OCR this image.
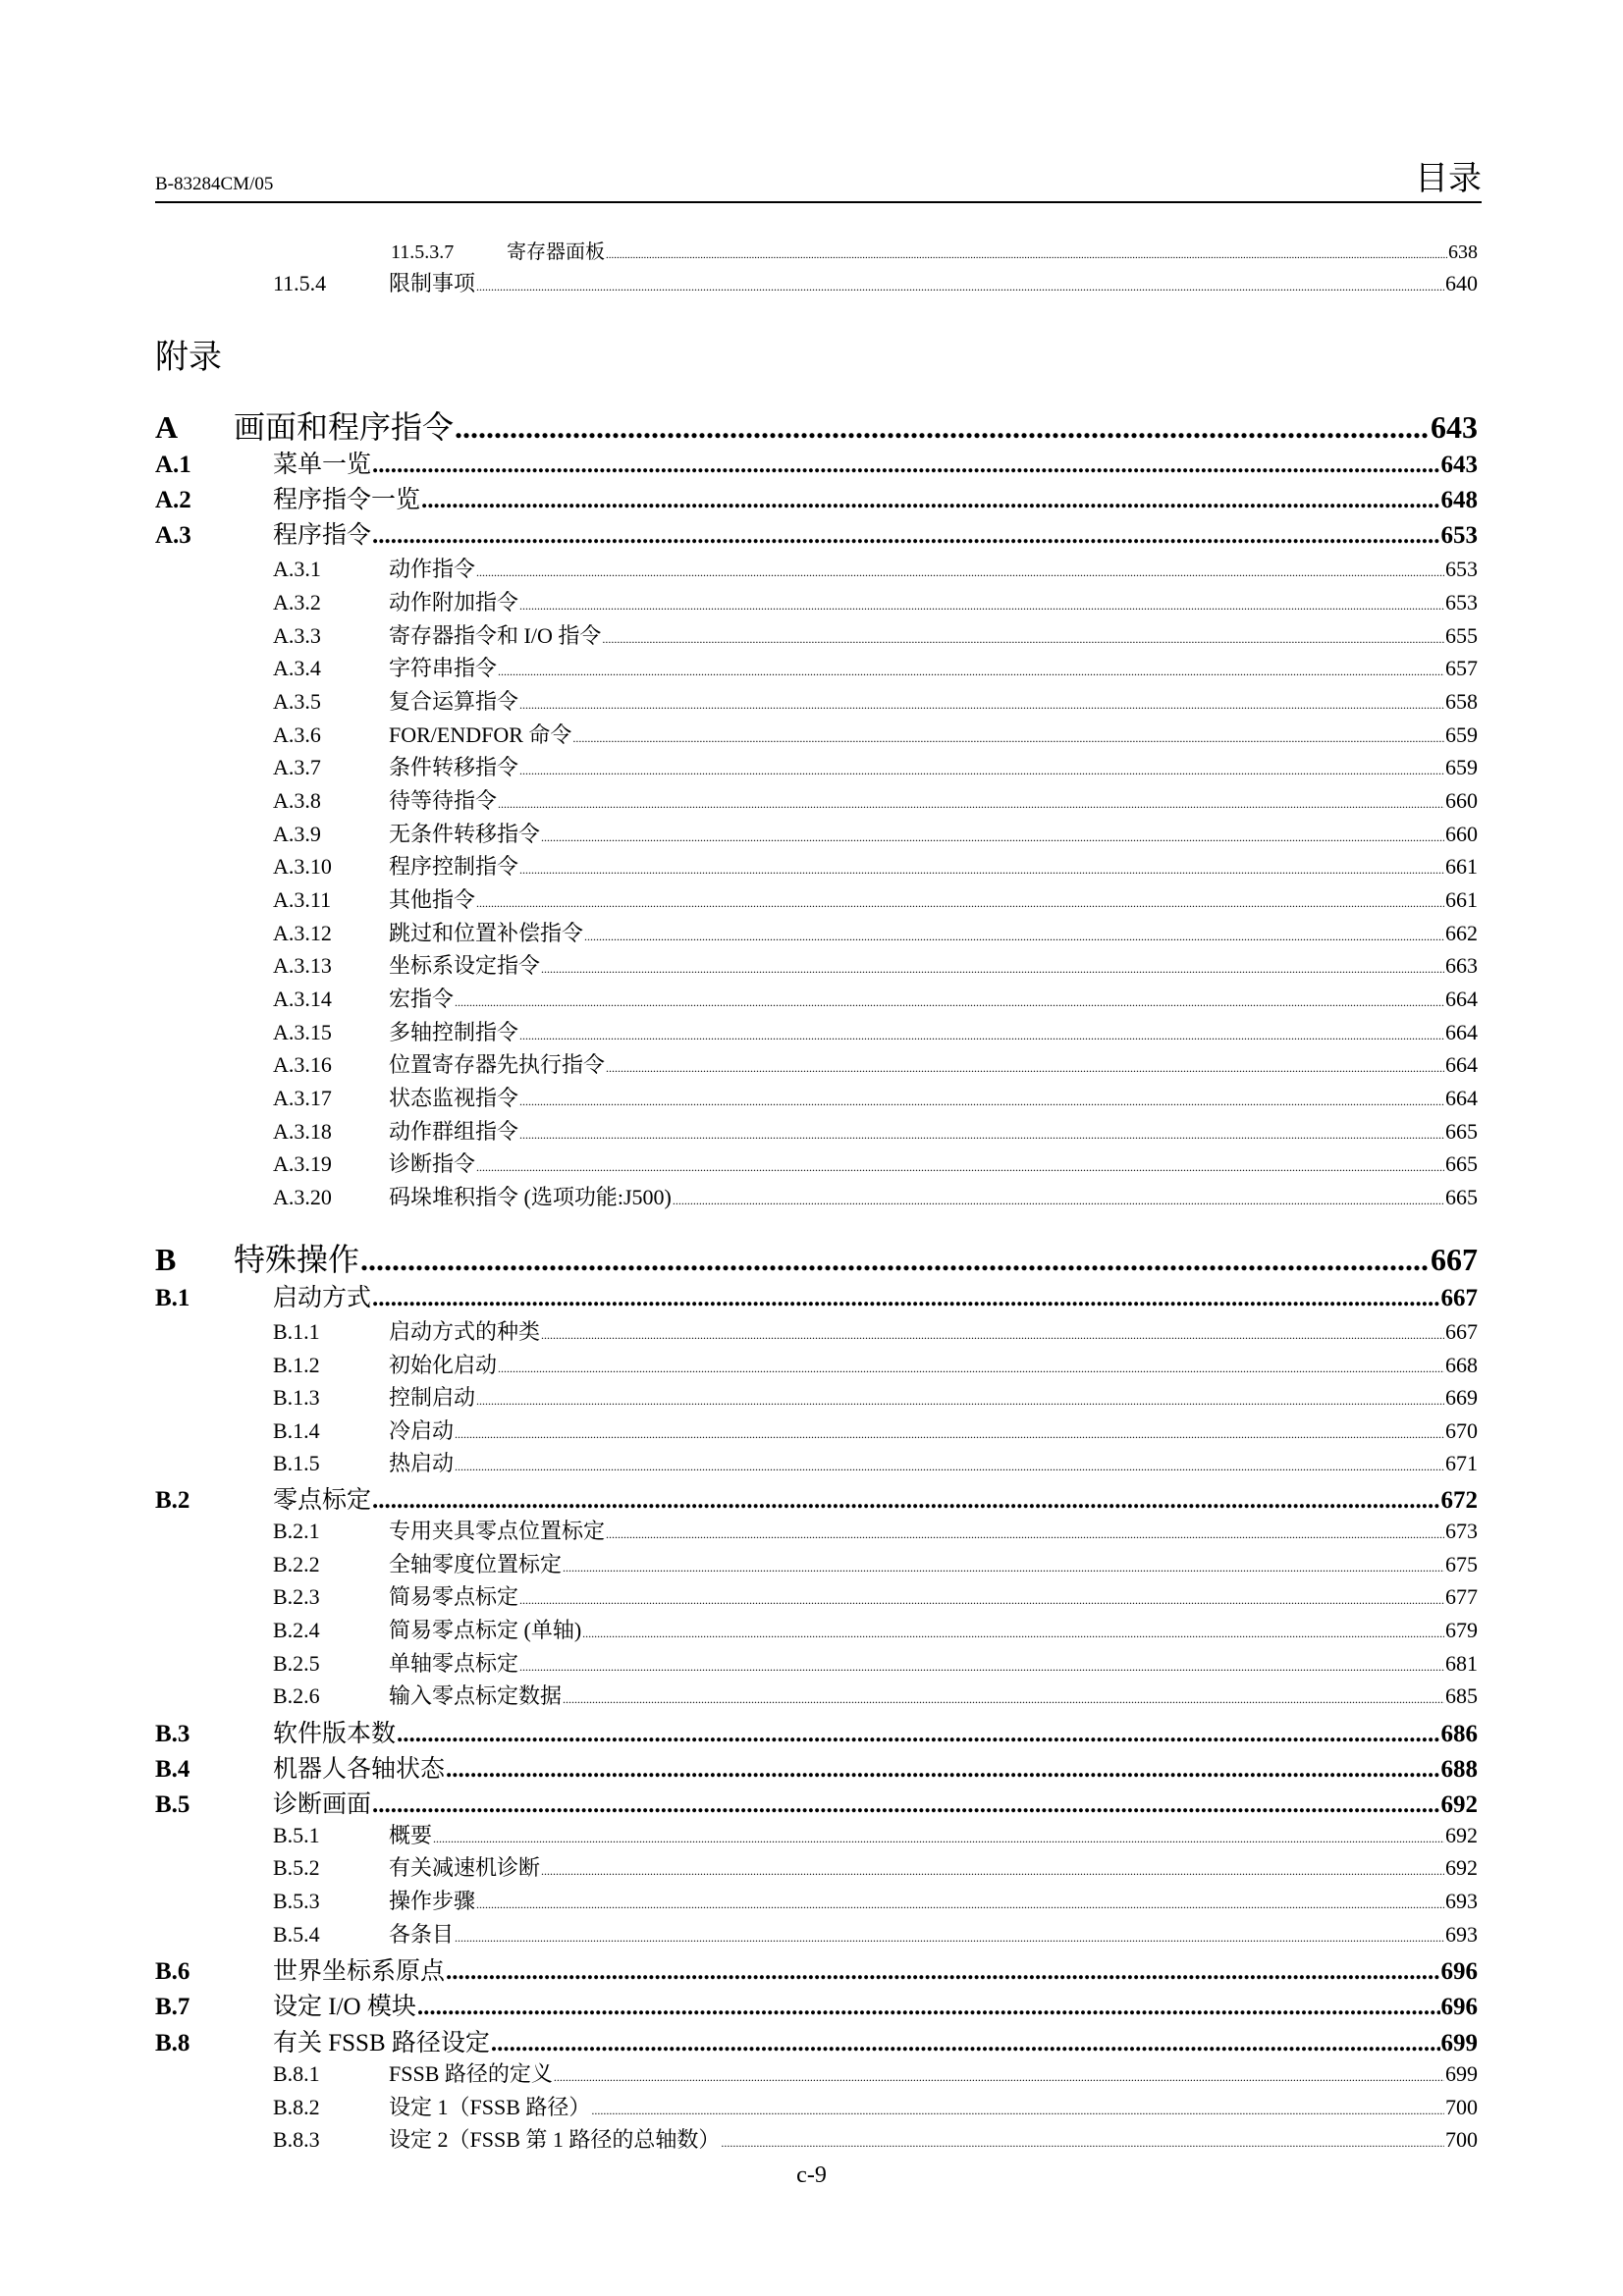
B-83284CM/05	目录
附录
11.5.3.7	寄存器面板 .....	638
11.5.4	限制事项 .....	640
A	画面和程序指令 .....	643
A.1	菜单一览 .....	643
A.2	程序指令一览 .....	648
A.3	程序指令 .....	653
A.3.1	动作指令 .....	653
A.3.2	动作附加指令 .....	653
A.3.3	寄存器指令和 I/O 指令 .....	655
A.3.4	字符串指令 .....	657
A.3.5	复合运算指令 .....	658
A.3.6	FOR/ENDFOR 命令 .....	659
A.3.7	条件转移指令 .....	659
A.3.8	待等待指令 .....	660
A.3.9	无条件转移指令 .....	660
A.3.10	程序控制指令 .....	661
A.3.11	其他指令 .....	661
A.3.12	跳过和位置补偿指令 .....	662
A.3.13	坐标系设定指令 .....	663
A.3.14	宏指令 .....	664
A.3.15	多轴控制指令 .....	664
A.3.16	位置寄存器先执行指令 .....	664
A.3.17	状态监视指令 .....	664
A.3.18	动作群组指令 .....	665
A.3.19	诊断指令 .....	665
A.3.20	码垛堆积指令 (选项功能:J500) .....	665
B	特殊操作 .....	667
B.1	启动方式 .....	667
B.1.1	启动方式的种类 .....	667
B.1.2	初始化启动 .....	668
B.1.3	控制启动 .....	669
B.1.4	冷启动 .....	670
B.1.5	热启动 .....	671
B.2	零点标定 .....	672
B.2.1	专用夹具零点位置标定 .....	673
B.2.2	全轴零度位置标定 .....	675
B.2.3	简易零点标定 .....	677
B.2.4	简易零点标定 (单轴) .....	679
B.2.5	单轴零点标定 .....	681
B.2.6	输入零点标定数据 .....	685
B.3	软件版本数 .....	686
B.4	机器人各轴状态 .....	688
B.5	诊断画面 .....	692
B.5.1	概要 .....	692
B.5.2	有关减速机诊断 .....	692
B.5.3	操作步骤 .....	693
B.5.4	各条目 .....	693
B.6	世界坐标系原点 .....	696
B.7	设定 I/O 模块 .....	696
B.8	有关 FSSB 路径设定 .....	699
B.8.1	FSSB 路径的定义 .....	699
B.8.2	设定 1（FSSB 路径） .....	700
B.8.3	设定 2（FSSB 第 1 路径的总轴数） .....	700
c-9
